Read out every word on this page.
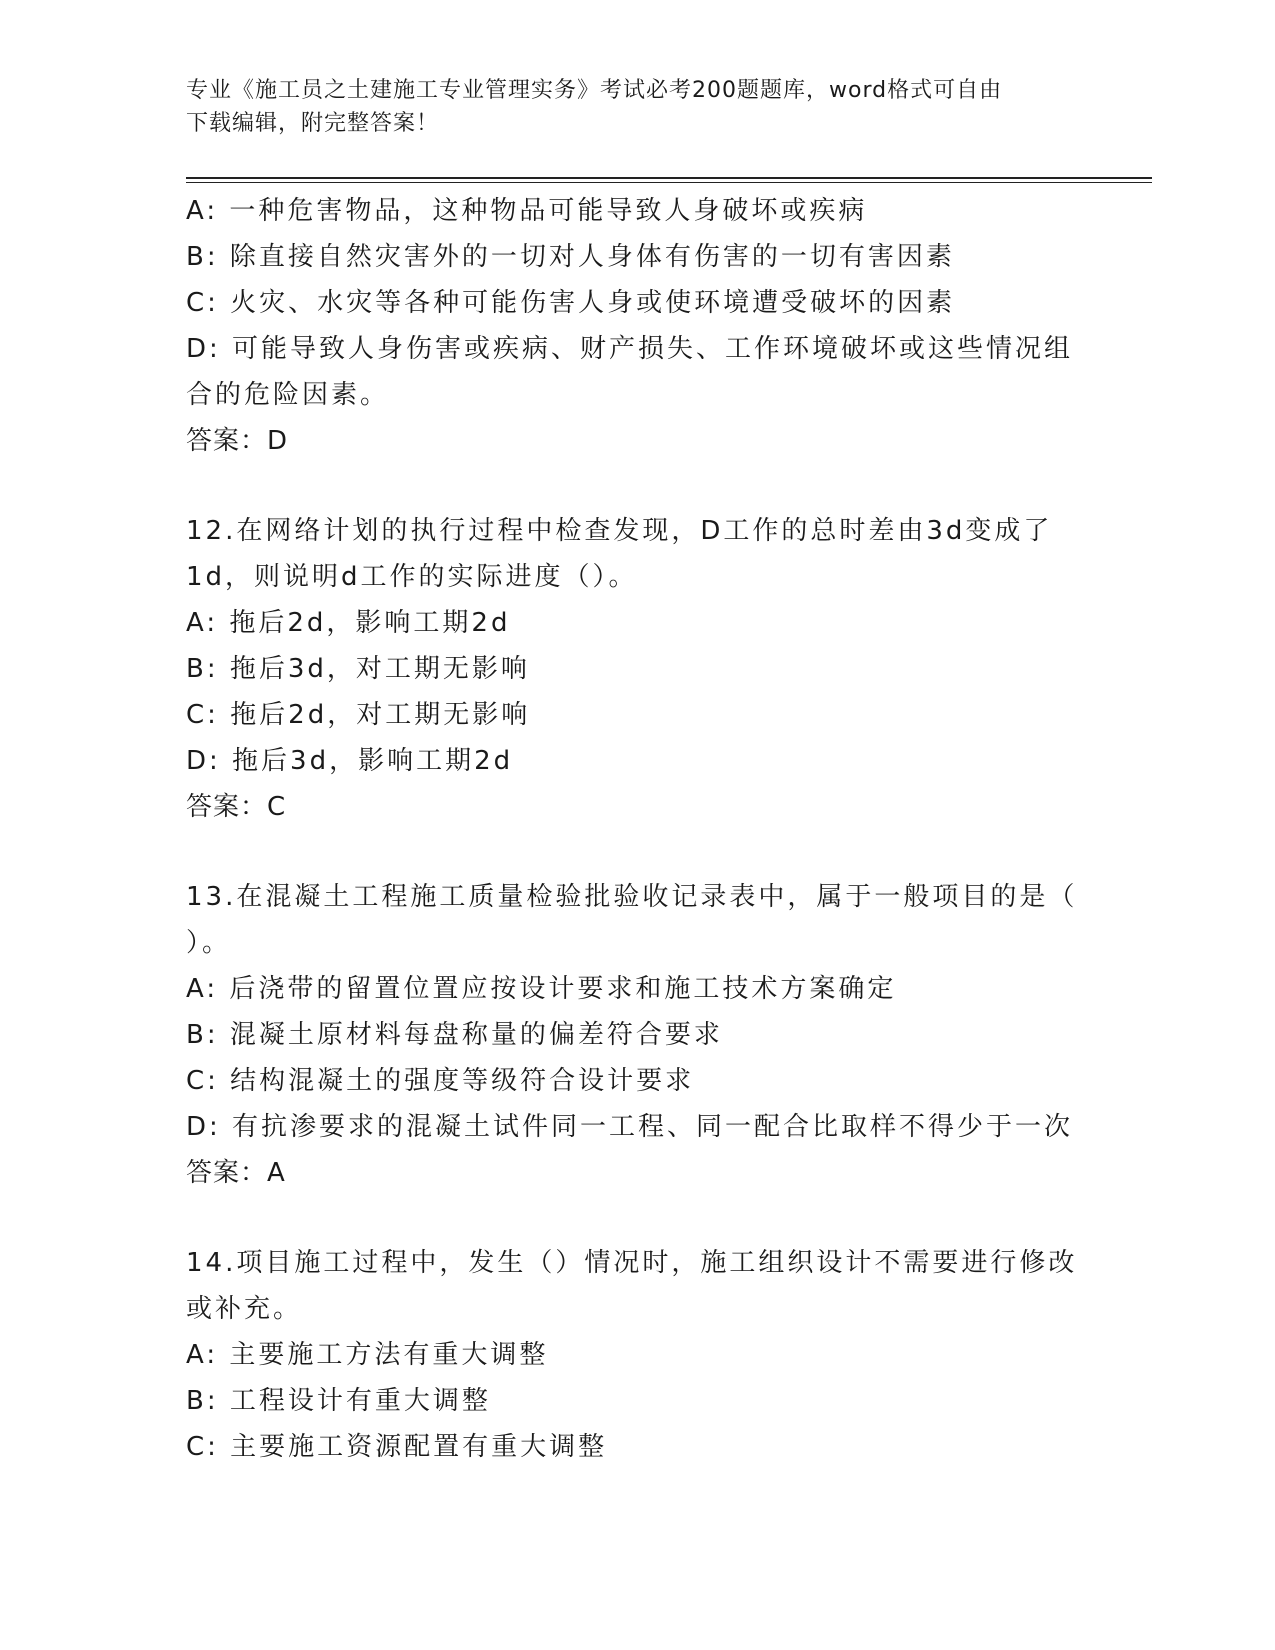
专业《施工员之土建施工专业管理实务》考试必考200题题库，word格式可自由
下载编辑，附完整答案！
A: 一种危害物品，这种物品可能导致人身破坏或疾病
B: 除直接自然灾害外的一切对人身体有伤害的一切有害因素
C: 火灾、水灾等各种可能伤害人身或使环境遭受破坏的因素
D: 可能导致人身伤害或疾病、财产损失、工作环境破坏或这些情况组
合的危险因素。
答案：D
12.在网络计划的执行过程中检查发现，D工作的总时差由3d变成了
1d，则说明d工作的实际进度（）。
A: 拖后2d，影响工期2d
B: 拖后3d，对工期无影响
C: 拖后2d，对工期无影响
D: 拖后3d，影响工期2d
答案：C
13.在混凝土工程施工质量检验批验收记录表中，属于一般项目的是（
）。
A: 后浇带的留置位置应按设计要求和施工技术方案确定
B: 混凝土原材料每盘称量的偏差符合要求
C: 结构混凝土的强度等级符合设计要求
D: 有抗渗要求的混凝土试件同一工程、同一配合比取样不得少于一次
答案：A
14.项目施工过程中，发生（）情况时，施工组织设计不需要进行修改
或补充。
A: 主要施工方法有重大调整
B: 工程设计有重大调整
C: 主要施工资源配置有重大调整
